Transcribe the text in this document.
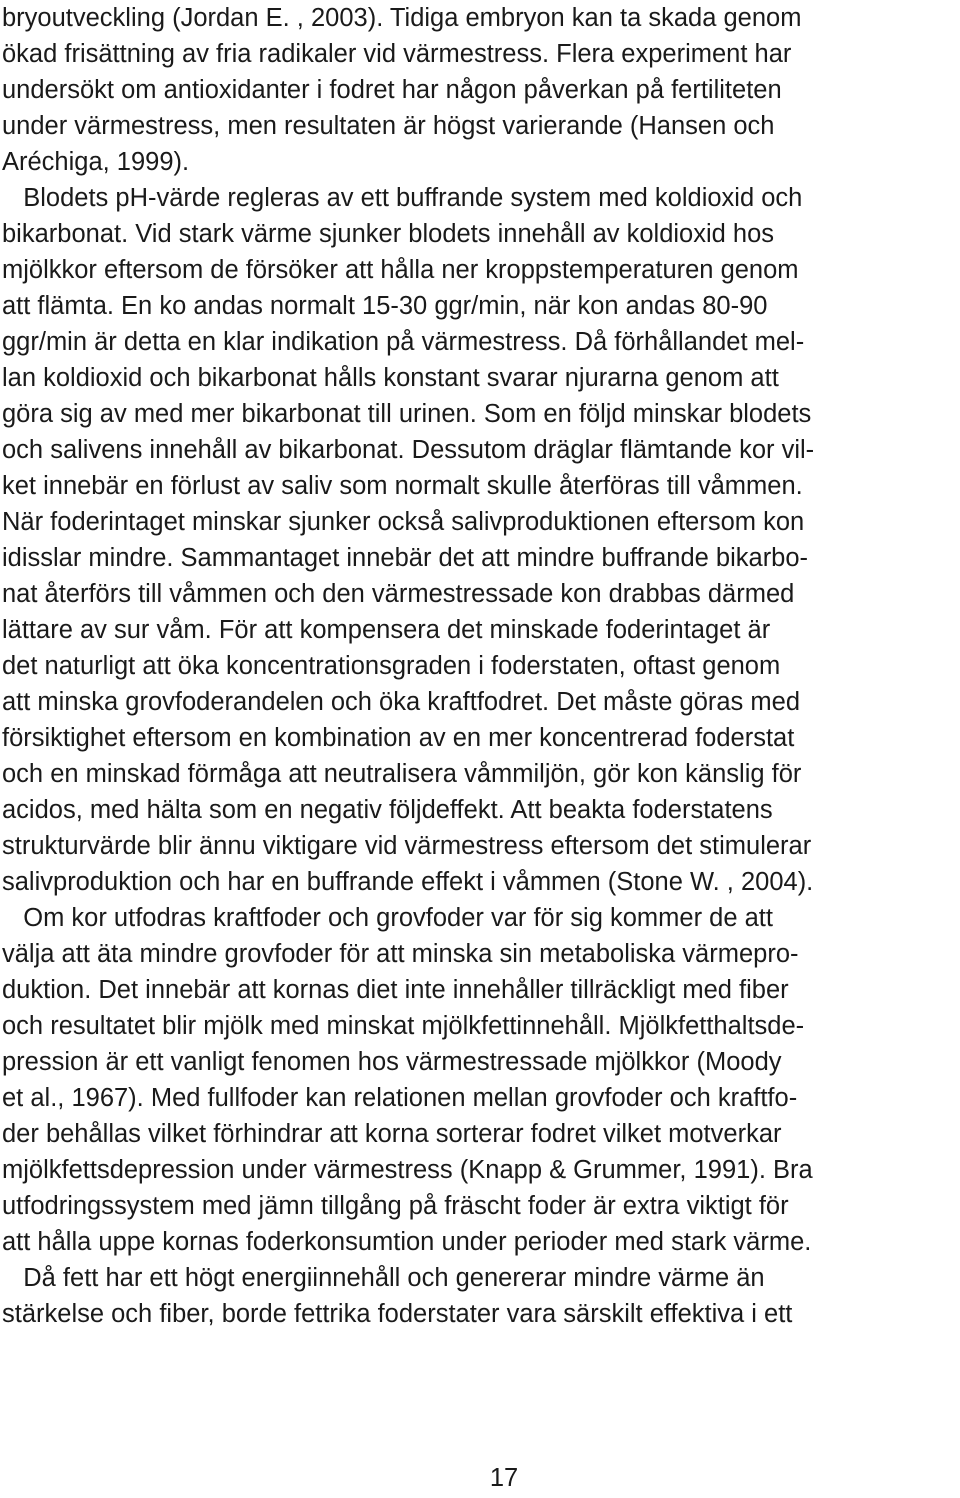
bryoutveckling (Jordan E. , 2003). Tidiga embryon kan ta skada genom
ökad frisättning av fria radikaler vid värmestress. Flera experiment har
undersökt om antioxidanter i fodret har någon påverkan på fertiliteten
under värmestress, men resultaten är högst varierande (Hansen och
Aréchiga, 1999).
Blodets pH-värde regleras av ett buffrande system med koldioxid och
bikarbonat. Vid stark värme sjunker blodets innehåll av koldioxid hos
mjölkkor eftersom de försöker att hålla ner kroppstemperaturen genom
att flämta. En ko andas normalt 15-30 ggr/min, när kon andas 80-90
ggr/min är detta en klar indikation på värmestress. Då förhållandet mel-
lan koldioxid och bikarbonat hålls konstant svarar njurarna genom att
göra sig av med mer bikarbonat till urinen. Som en följd minskar blodets
och salivens innehåll av bikarbonat. Dessutom dräglar flämtande kor vil-
ket innebär en förlust av saliv som normalt skulle återföras till våmmen.
När foderintaget minskar sjunker också salivproduktionen eftersom kon
idisslar mindre. Sammantaget innebär det att mindre buffrande bikarbo-
nat återförs till våmmen och den värmestressade kon drabbas därmed
lättare av sur våm. För att kompensera det minskade foderintaget är
det naturligt att öka koncentrationsgraden i foderstaten, oftast genom
att minska grovfoderandelen och öka kraftfodret. Det måste göras med
försiktighet eftersom en kombination av en mer koncentrerad foderstat
och en minskad förmåga att neutralisera våmmiljön, gör kon känslig för
acidos, med hälta som en negativ följdeffekt. Att beakta foderstatens
strukturvärde blir ännu viktigare vid värmestress eftersom det stimulerar
salivproduktion och har en buffrande effekt i våmmen (Stone W. , 2004).
Om kor utfodras kraftfoder och grovfoder var för sig kommer de att
välja att äta mindre grovfoder för att minska sin metaboliska värmepro-
duktion. Det innebär att kornas diet inte innehåller tillräckligt med fiber
och resultatet blir mjölk med minskat mjölkfettinnehåll. Mjölkfetthaltsde-
pression är ett vanligt fenomen hos värmestressade mjölkkor (Moody
et al., 1967). Med fullfoder kan relationen mellan grovfoder och kraftfo-
der behållas vilket förhindrar att korna sorterar fodret vilket motverkar
mjölkfettsdepression under värmestress (Knapp & Grummer, 1991). Bra
utfodringssystem med jämn tillgång på fräscht foder är extra viktigt för
att hålla uppe kornas foderkonsumtion under perioder med stark värme.
Då fett har ett högt energiinnehåll och genererar mindre värme än
stärkelse och fiber, borde fettrika foderstater vara särskilt effektiva i ett
17
